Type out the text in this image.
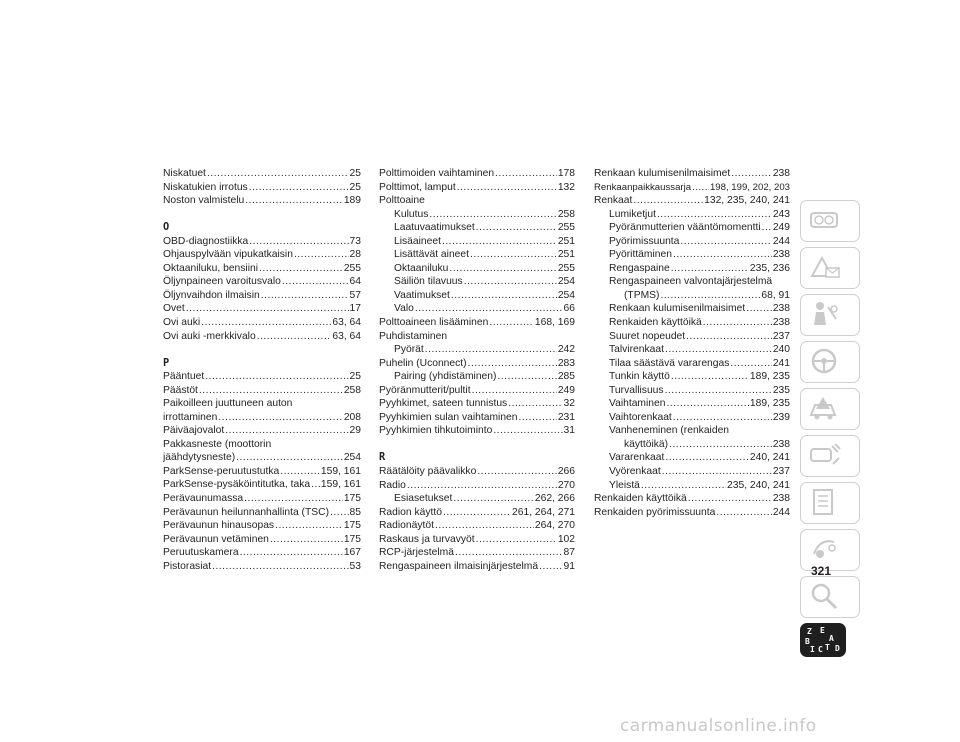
Niskatuet .....	25
Niskatukien irrotus .....	25
Noston valmistelu .....	189
O
OBD-diagnostiikka .....	73
Ohjauspylvään vipukatkaisin .....	28
Oktaaniluku, bensiini .....	255
Öljynpaineen varoitusvalo .....	64
Öljynvaihdon ilmaisin .....	57
Ovet .....	17
Ovi auki .....	63, 64
Ovi auki -merkkivalo .....	63, 64
P
Pääntuet .....	25
Päästöt .....	258
Paikoilleen juuttuneen auton
irrottaminen .....	208
Päiväajovalot .....	29
Pakkasneste (moottorin
jäähdytysneste) .....	254
ParkSense-peruutustutka .....	159, 161
ParkSense-pysäköintitutka, taka ..... 159, 161
Perävaunumassa .....	175
Perävaunun heilunnanhallinta (TSC) ..... 85
Perävaunun hinausopas .....	175
Perävaunun vetäminen .....	175
Peruutuskamera .....	167
Pistorasiat .....	53
Polttimoiden vaihtaminen .....	178
Polttimot, lamput .....	132
Polttoaine
Kulutus .....	258
Laatuvaatimukset .....	255
Lisäaineet .....	251
Lisättävät aineet .....	251
Oktaaniluku .....	255
Säiliön tilavuus .....	254
Vaatimukset .....	254
Valo .....	66
Polttoaineen lisääminen .....	168, 169
Puhdistaminen
Pyörät .....	242
Puhelin (Uconnect) .....	283
Pairing (yhdistäminen) .....	285
Pyöränmutterit/pultit .....	249
Pyyhkimet, sateen tunnistus .....	32
Pyyhkimien sulan vaihtaminen .....	231
Pyyhkimien tihkutoiminto .....	31
R
Räätälöity päävalikko .....	266
Radio .....	270
Esiasetukset .....	262, 266
Radion käyttö .....	261, 264, 271
Radionäytöt .....	264, 270
Raskaus ja turvavyöt .....	102
RCP-järjestelmä .....	87
Rengaspaineen ilmaisinjärjestelmä ..... 91
Renkaan kulumisenilmaisimet .....	238
Renkaanpaikkaussarja ..... 198, 199, 202, 203
Renkaat .....	132, 235, 240, 241
Lumiketjut .....	243
Pyöränmutterien vääntömomentti ..... 249
Pyörimissuunta .....	244
Pyörittäminen .....	238
Rengaspaine .....	235, 236
Rengaspaineen valvontajärjestelmä
(TPMS) .....	68, 91
Renkaan kulumisenilmaisimet .....	238
Renkaiden käyttöikä .....	238
Suuret nopeudet .....	237
Talvirenkaat .....	240
Tilaa säästävä vararengas .....	241
Tunkin käyttö .....	189, 235
Turvallisuus .....	235
Vaihtaminen .....	189, 235
Vaihtorenkaat .....	239
Vanheneminen (renkaiden
käyttöikä) .....	238
Vararenkaat .....	240, 241
Vyörenkaat .....	237
Yleistä .....	235, 240, 241
Renkaiden käyttöikä .....	238
Renkaiden pyörimissuunta .....	244
Z E
B A
I C T D
321
carmanualsonline.info
